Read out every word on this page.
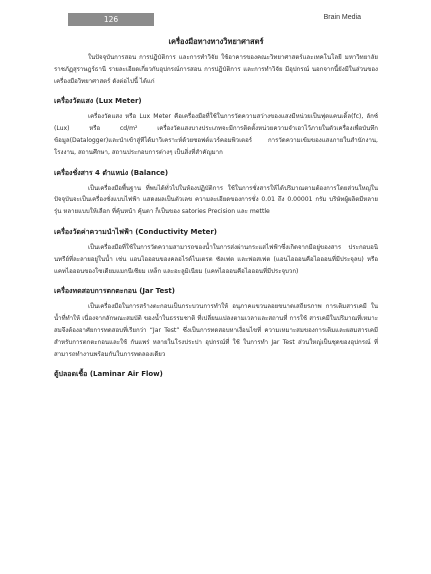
126	Brain Media
เครื่องมือทางทางวิทยาศาสตร์

ในปัจจุบันการสอน การปฏิบัติการ และการทำวิจัย ใช้อาคารของคณะวิทยาศาสตร์และเทคโนโลยี มหาวิทยาลัยราชภัฏสุราษฎร์ธานี รายละเอียดเกี่ยวกับอุปกรณ์การสอน การปฏิบัติการ และการทำวิจัย มีอุปกรณ์ นอกจากนี้ยังมีในส่วนของ เครื่องมือวิทยาศาสตร์ ดังต่อไปนี้ ได้แก่

เครื่องวัดแสง (Lux Meter)

เครื่องวัดแสง หรือ Lux Meter คือเครื่องมือที่ใช้ในการวัดความสว่างของแสงมีหน่วยเป็นฟุตแคนเดิ้ล(fc), ลักซ์ (Lux) หรือ cd/m² เครื่องวัดแสงบางประเภทจะมีการติดตั้งหน่วยความจำเอาไว้ภายในตัวเครื่องเพื่อบันทึกข้อมูล(Datalogger)และนำเข้าสู่ทีได้มาวิเคราะห์ด้วยซอฟต์แวร์คอมพิวเตอร์ การวัดความเข้มของแสงภายในสำนักงาน, โรงงาน, สถานศึกษา, สถานประกอบการต่างๆ เป็นสิ่งที่สำคัญมาก

เครื่องชั่งสาร 4 ตำแหน่ง (Balance)

เป็นเครื่องมือพื้นฐาน ที่พบได้ทั่วไปในห้องปฏิบัติการ ใช้ในการชั่งสารให้ได้ปริมาณตามต้องการโดยส่วนใหญ่ในปัจจุบันจะเป็นเครื่องชั่งแบบไฟฟ้า แสดงผลเป็นตัวเลข ความละเอียดของการชั่ง 0.01 ถึง 0.00001 กรัม บริษัทผู้ผลิตมีหลายรุ่น หลายแบบให้เลือก ที่คุ้นหน้า คุ้นตา ก็เป็นของ satories Precision และ mettle

เครื่องวัดค่าความนำไฟฟ้า (Conductivity Meter)

เป็นเครื่องมือที่ใช้ในการวัดความสามารถของน้ำในการส่งผ่านกระแสไฟฟ้าซึ่งเกิดจากมีอยู่ของสาร ประกอบอนินทรีย์ที่ละลายอยู่ในน้ำ เช่น แอนไอออนของคลอไรด์ไนเตรต ซัลเฟต และฟอสเฟต (แอนไอออนคือไอออนที่มีประจุลบ) หรือ แคทไอออนของโซเดียมแมกนีเซียม เหล็ก และอะลูมิเนียม (แคทไอออนคือไอออนที่มีประจุบวก)

เครื่องทดสอบการตกตะกอน (Jar Test)

เป็นเครื่องมือในการสร้างตะกอนเป็นกระบวนการทำให้ อนุภาคแขวนลอยขนาดเสถียรภาพ การเติมสารเคมี ในน้ำที่ทำให้ เนื่องจากลักษณะสมบัติ ของน้ำในธรรมชาติ ที่เปลี่ยนแปลงตามเวลาและสถานที่ การใช้ สารเคมีในปริมาณที่เหมาะสมจึงต้องอาศัยการทดสอบที่เรียกว่า “Jar Test” ซึ่งเป็นการทดสอบหาเงื่อนไขที่ ความเหมาะสมของการเติมและผสมสารเคมี สำหรับการตกตะกอนและใช้ กันแพร่ หลายในโรงประปา อุปกรณ์ที่ ใช้ ในการทำ Jar Test ส่วนใหญ่เป็นชุดของอุปกรณ์ ที่สามารถทำงานพร้อมกันในการทดลองเดียว

ตู้ปลอดเชื้อ (Laminar Air Flow)
